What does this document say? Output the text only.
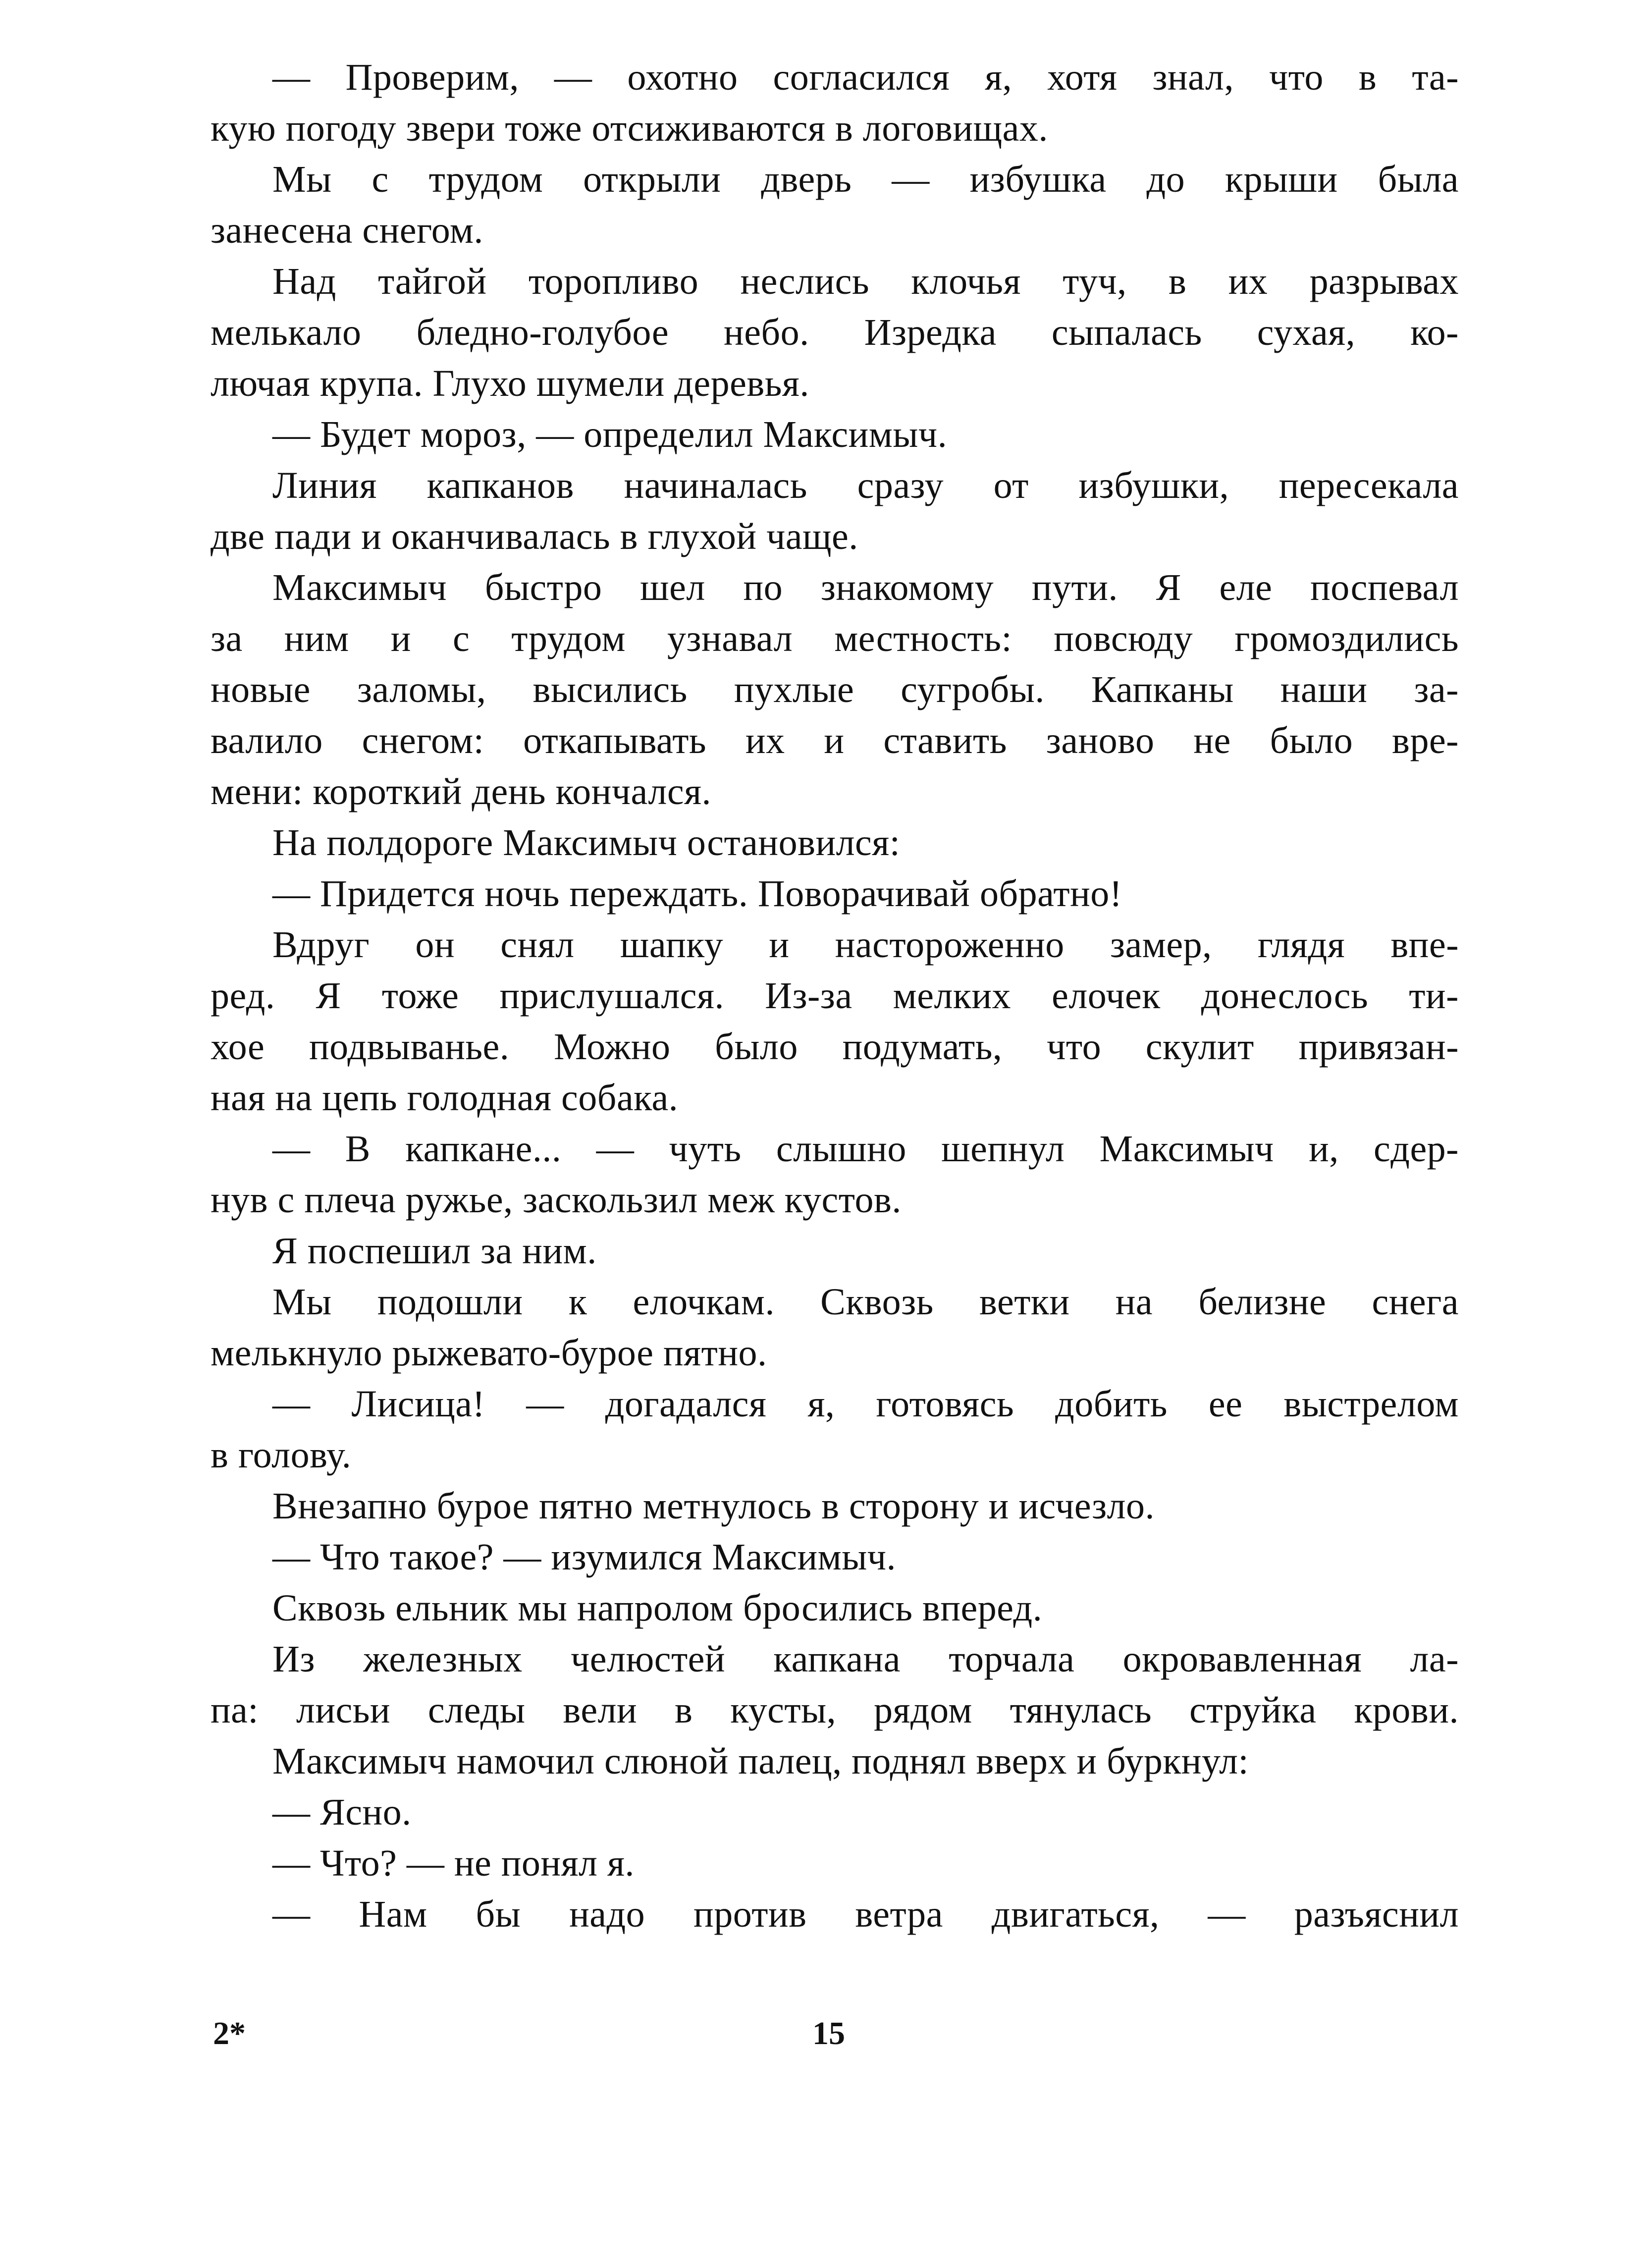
— Проверим, — охотно согласился я, хотя знал, что в та-
кую погоду звери тоже отсиживаются в логовищах.
Мы с трудом открыли дверь — избушка до крыши была
занесена снегом.
Над тайгой торопливо неслись клочья туч, в их разрывах
мелькало бледно-голубое небо. Изредка сыпалась сухая, ко-
лючая крупа. Глухо шумели деревья.
— Будет мороз, — определил Максимыч.
Линия капканов начиналась сразу от избушки, пересекала
две пади и оканчивалась в глухой чаще.
Максимыч быстро шел по знакомому пути. Я еле поспевал
за ним и с трудом узнавал местность: повсюду громоздились
новые заломы, высились пухлые сугробы. Капканы наши за-
валило снегом: откапывать их и ставить заново не было вре-
мени: короткий день кончался.
На полдороге Максимыч остановился:
— Придется ночь переждать. Поворачивай обратно!
Вдруг он снял шапку и настороженно замер, глядя впе-
ред. Я тоже прислушался. Из-за мелких елочек донеслось ти-
хое подвыванье. Можно было подумать, что скулит привязан-
ная на цепь голодная собака.
— В капкане... — чуть слышно шепнул Максимыч и, сдер-
нув с плеча ружье, заскользил меж кустов.
Я поспешил за ним.
Мы подошли к елочкам. Сквозь ветки на белизне снега
мелькнуло рыжевато-бурое пятно.
— Лисица! — догадался я, готовясь добить ее выстрелом
в голову.
Внезапно бурое пятно метнулось в сторону и исчезло.
— Что такое? — изумился Максимыч.
Сквозь ельник мы напролом бросились вперед.
Из железных челюстей капкана торчала окровавленная ла-
па: лисьи следы вели в кусты, рядом тянулась струйка крови.
Максимыч намочил слюной палец, поднял вверх и буркнул:
— Ясно.
— Что? — не понял я.
— Нам бы надо против ветра двигаться, — разъяснил
2*	15
